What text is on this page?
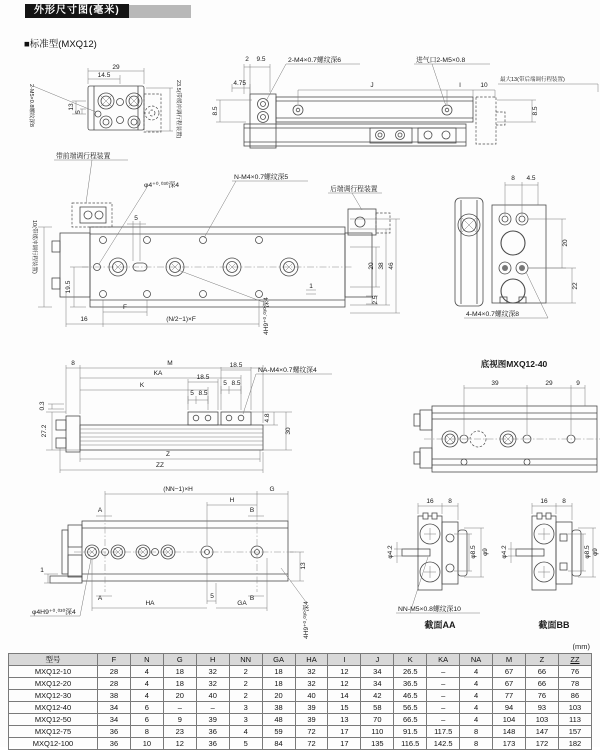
外形尺寸图(毫米)
■标准型(MXQ12)
29
14.5
13
5
2-M5×0.8螺纹深8	23.5(带缓冲调行程装置)
2 9.5
4.75	J	I	10
8.5	8.5
2-M4×0.7螺纹深6	进气口2-M5×0.8
最大13(带后端调行程装置)
5
19.5
10(带缓冲调行程装置)	20 38 46
F
(N/2−1)×F
16
1
2.5
4H9⁺⁰·⁰³⁰深4
带前端调行程装置
φ4⁺⁰·⁰³⁰深4
N-M4×0.7螺纹深5
后端调行程装置
8 4.5
20
22
4-M4×0.7螺纹深8
8	M
KA
18.5
K
18.5
5 8.5
5 8.5
0.3
27.2
4.8
30
Z
ZZ
NA-M4×0.7螺纹深4
底视图MXQ12-40
39	29	9
A
A
B
B
(NN−1)×H	G
H
13
1
HA
5
GA
φ4H9⁺⁰·⁰³⁰深4	4H9⁺⁰·⁰³⁰深4
16 8
φ4.2	φ8.5 φ9
NN-M5×0.8螺纹深10
截面AA
16 8
φ4.2	φ8.5 φ9
截面BB
(mm)
型号	F	N	G	H	NN	GA	HA	I	J	K	KA	NA	M	Z	ZZ
MXQ12-10	28	4	18	32	2	18	32	12	34	26.5	–	4	67	66	76
MXQ12-20	28	4	18	32	2	18	32	12	34	36.5	–	4	67	66	78
MXQ12-30	38	4	20	40	2	20	40	14	42	46.5	–	4	77	76	86
MXQ12-40	34	6	–	–	3	38	39	15	58	56.5	–	4	94	93	103
MXQ12-50	34	6	9	39	3	48	39	13	70	66.5	–	4	104	103	113
MXQ12-75	36	8	23	36	4	59	72	17	110	91.5	117.5	8	148	147	157
MXQ12-100	36	10	12	36	5	84	72	17	135	116.5	142.5	8	173	172	182
